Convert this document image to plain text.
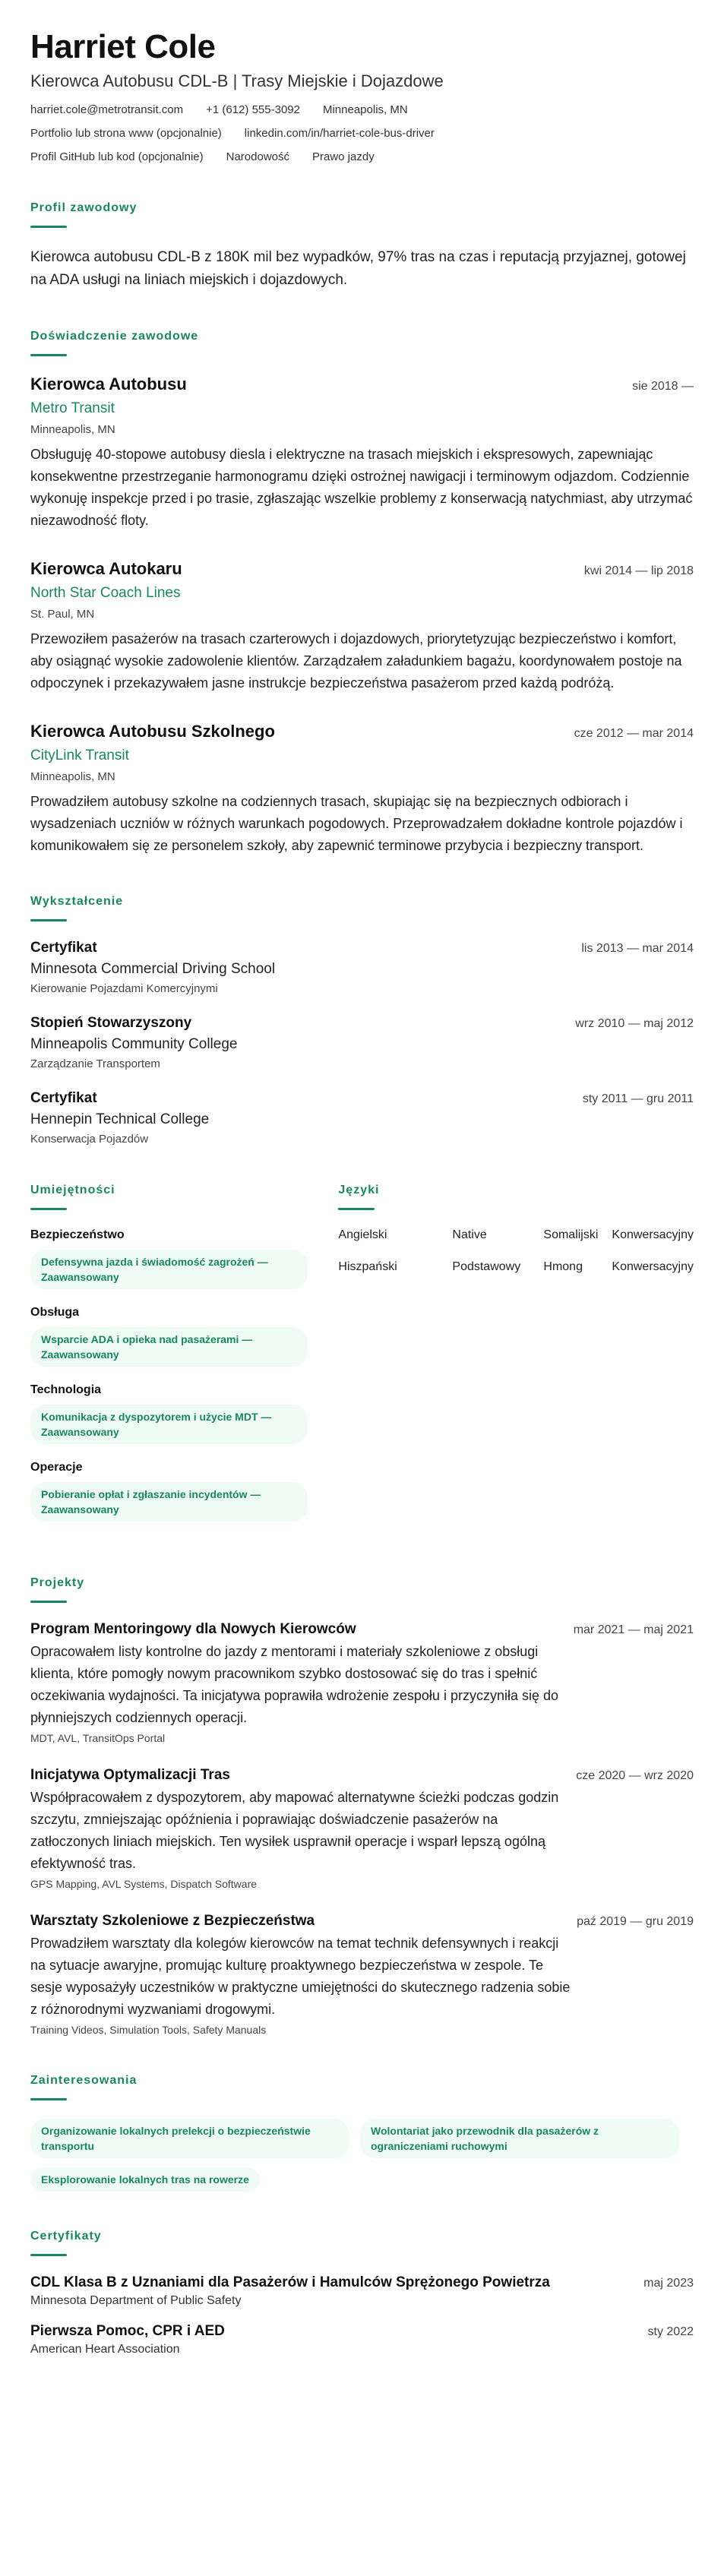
Harriet Cole
Kierowca Autobusu CDL-B | Trasy Miejskie i Dojazdowe
harriet.cole@metrotransit.com +1 (612) 555-3092 Minneapolis, MN
Portfolio lub strona www (opcjonalnie) linkedin.com/in/harriet-cole-bus-driver
Profil GitHub lub kod (opcjonalnie) Narodowość Prawo jazdy
Profil zawodowy

Kierowca autobusu CDL-B z 180K mil bez wypadków, 97% tras na czas i reputacją przyjaznej, gotowej na ADA usługi na liniach miejskich i dojazdowych.

Doświadczenie zawodowe
Kierowca Autobusu	sie 2018 —
Metro Transit
Minneapolis, MN
Obsługuję 40-stopowe autobusy diesla i elektryczne na trasach miejskich i ekspresowych, zapewniając konsekwentne przestrzeganie harmonogramu dzięki ostrożnej nawigacji i terminowym odjazdom. Codziennie wykonuję inspekcje przed i po trasie, zgłaszając wszelkie problemy z konserwacją natychmiast, aby utrzymać niezawodność floty.
Kierowca Autokaru	kwi 2014 — lip 2018
North Star Coach Lines
St. Paul, MN
Przewoziłem pasażerów na trasach czarterowych i dojazdowych, priorytetyzując bezpieczeństwo i komfort, aby osiągnąć wysokie zadowolenie klientów. Zarządzałem załadunkiem bagażu, koordynowałem postoje na odpoczynek i przekazywałem jasne instrukcje bezpieczeństwa pasażerom przed każdą podróżą.
Kierowca Autobusu Szkolnego	cze 2012 — mar 2014
CityLink Transit
Minneapolis, MN
Prowadziłem autobusy szkolne na codziennych trasach, skupiając się na bezpiecznych odbiorach i wysadzeniach uczniów w różnych warunkach pogodowych. Przeprowadzałem dokładne kontrole pojazdów i komunikowałem się ze personelem szkoły, aby zapewnić terminowe przybycia i bezpieczny transport.
Wykształcenie
Certyfikat	lis 2013 — mar 2014
Minnesota Commercial Driving School
Kierowanie Pojazdami Komercyjnymi
Stopień Stowarzyszony	wrz 2010 — maj 2012
Minneapolis Community College
Zarządzanie Transportem
Certyfikat	sty 2011 — gru 2011
Hennepin Technical College
Konserwacja Pojazdów
Umiejętności
Bezpieczeństwo
Defensywna jazda i świadomość zagrożeń — Zaawansowany
Obsługa
Wsparcie ADA i opieka nad pasażerami — Zaawansowany
Technologia
Komunikacja z dyspozytorem i użycie MDT — Zaawansowany
Operacje
Pobieranie opłat i zgłaszanie incydentów — Zaawansowany
Języki
Angielski	Native	Somalijski	Konwersacyjny
Hiszpański	Podstawowy	Hmong	Konwersacyjny
Projekty
Program Mentoringowy dla Nowych Kierowców	mar 2021 — maj 2021
Opracowałem listy kontrolne do jazdy z mentorami i materiały szkoleniowe z obsługi klienta, które pomogły nowym pracownikom szybko dostosować się do tras i spełnić oczekiwania wydajności. Ta inicjatywa poprawiła wdrożenie zespołu i przyczyniła się do płynniejszych codziennych operacji.
MDT, AVL, TransitOps Portal
Inicjatywa Optymalizacji Tras	cze 2020 — wrz 2020
Współpracowałem z dyspozytorem, aby mapować alternatywne ścieżki podczas godzin szczytu, zmniejszając opóźnienia i poprawiając doświadczenie pasażerów na zatłoczonych liniach miejskich. Ten wysiłek usprawnił operacje i wsparł lepszą ogólną efektywność tras.
GPS Mapping, AVL Systems, Dispatch Software
Warsztaty Szkoleniowe z Bezpieczeństwa	paź 2019 — gru 2019
Prowadziłem warsztaty dla kolegów kierowców na temat technik defensywnych i reakcji na sytuacje awaryjne, promując kulturę proaktywnego bezpieczeństwa w zespole. Te sesje wyposażyły uczestników w praktyczne umiejętności do skutecznego radzenia sobie z różnorodnymi wyzwaniami drogowymi.
Training Videos, Simulation Tools, Safety Manuals
Zainteresowania
Organizowanie lokalnych prelekcji o bezpieczeństwie transportu
Wolontariat jako przewodnik dla pasażerów z ograniczeniami ruchowymi
Eksplorowanie lokalnych tras na rowerze
Certyfikaty
CDL Klasa B z Uznaniami dla Pasażerów i Hamulców Sprężonego Powietrza	maj 2023
Minnesota Department of Public Safety
Pierwsza Pomoc, CPR i AED	sty 2022
American Heart Association
